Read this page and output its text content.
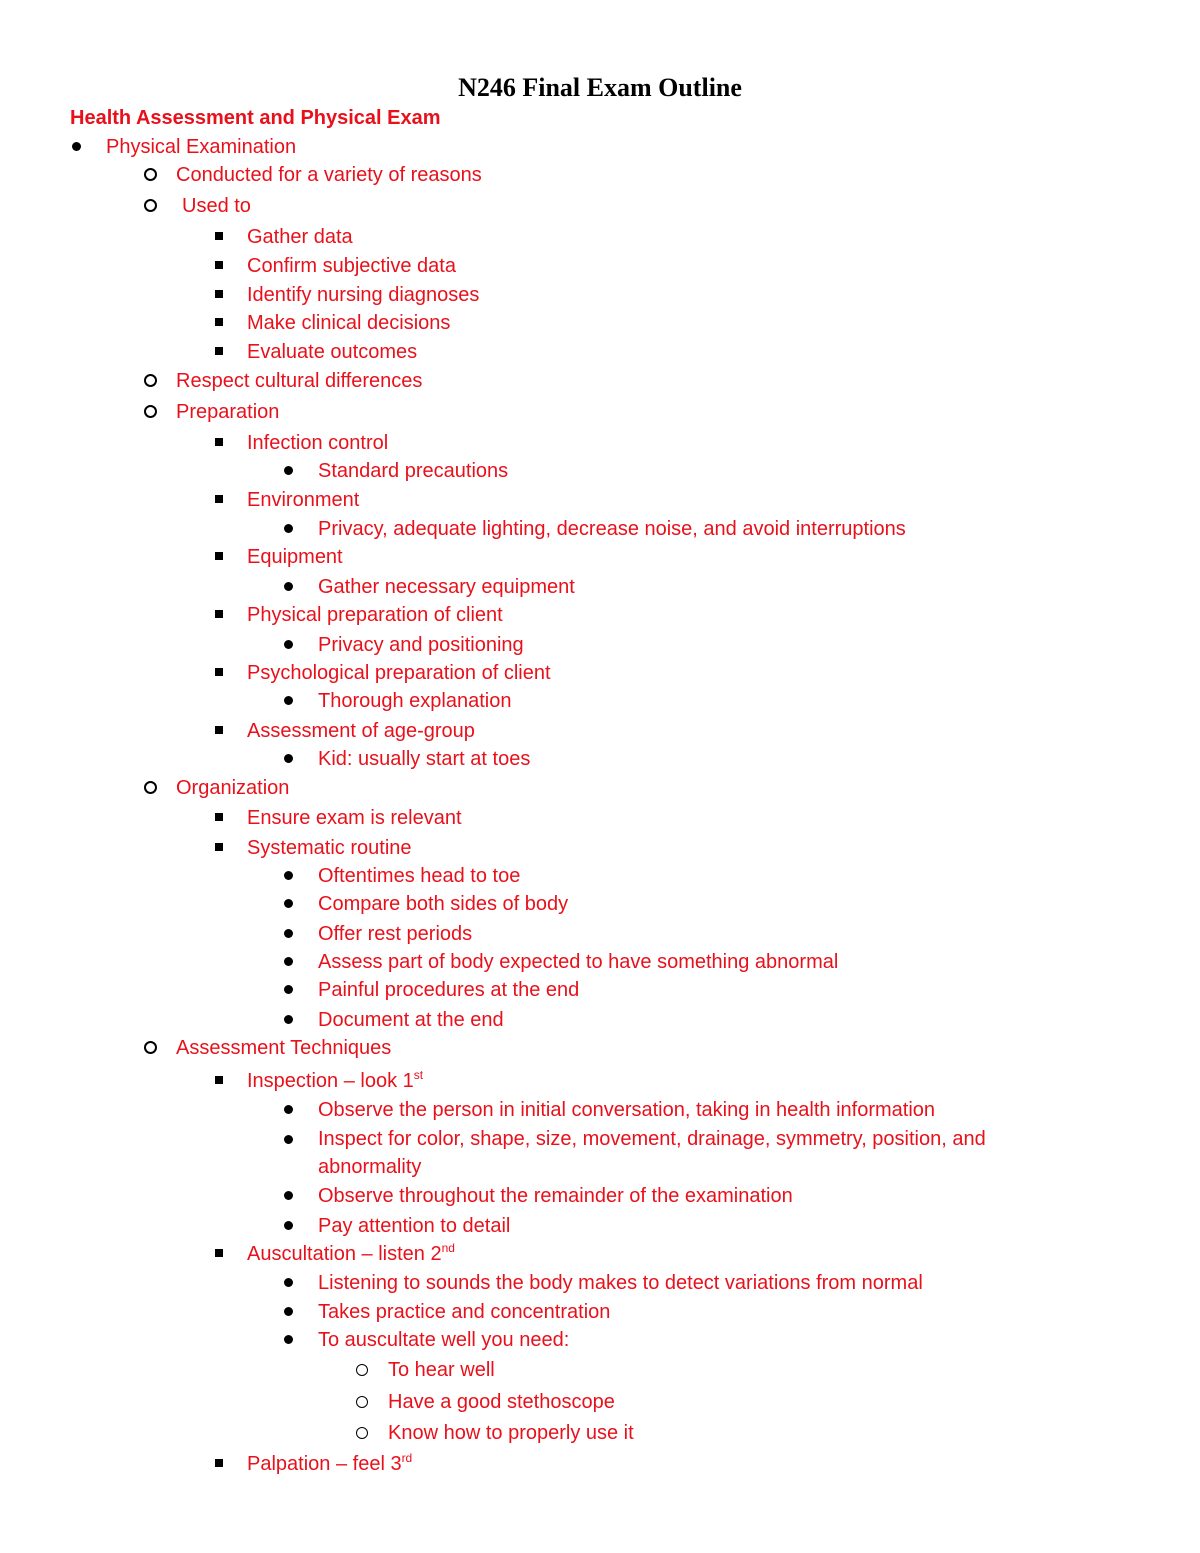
N246 Final Exam Outline
Health Assessment and Physical Exam
Physical Examination
Conducted for a variety of reasons
Used to
Gather data
Confirm subjective data
Identify nursing diagnoses
Make clinical decisions
Evaluate outcomes
Respect cultural differences
Preparation
Infection control
Standard precautions
Environment
Privacy, adequate lighting, decrease noise, and avoid interruptions
Equipment
Gather necessary equipment
Physical preparation of client
Privacy and positioning
Psychological preparation of client
Thorough explanation
Assessment of age-group
Kid: usually start at toes
Organization
Ensure exam is relevant
Systematic routine
Oftentimes head to toe
Compare both sides of body
Offer rest periods
Assess part of body expected to have something abnormal
Painful procedures at the end
Document at the end
Assessment Techniques
Inspection – look 1st
Observe the person in initial conversation, taking in health information
Inspect for color, shape, size, movement, drainage, symmetry, position, and abnormality
Observe throughout the remainder of the examination
Pay attention to detail
Auscultation – listen 2nd
Listening to sounds the body makes to detect variations from normal
Takes practice and concentration
To auscultate well you need:
To hear well
Have a good stethoscope
Know how to properly use it
Palpation – feel 3rd
